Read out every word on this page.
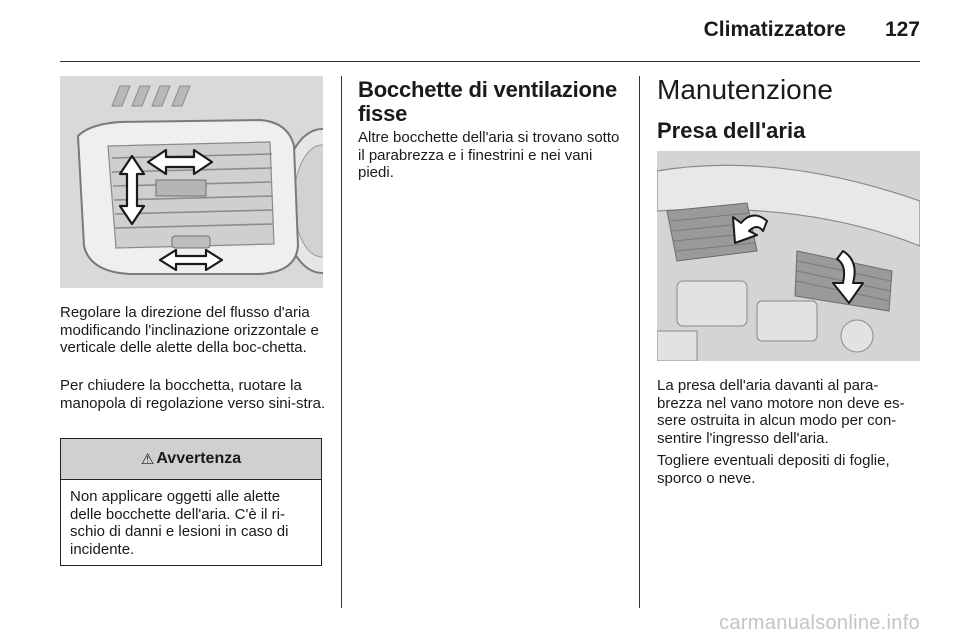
Climatizzatore	127

Regolare la direzione del flusso d'aria modificando l'inclinazione orizzontale e verticale delle alette della boc-chetta.

Per chiudere la bocchetta, ruotare la manopola di regolazione verso sini-stra.

⚠ Avvertenza
Non applicare oggetti alle alette delle bocchette dell'aria. C'è il ri-schio di danni e lesioni in caso di incidente.
Bocchette di ventilazione fisse

Altre bocchette dell'aria si trovano sotto il parabrezza e i finestrini e nei vani piedi.

Manutenzione
Presa dell'aria

La presa dell'aria davanti al para-brezza nel vano motore non deve es-sere ostruita in alcun modo per con-sentire l'ingresso dell'aria.

Togliere eventuali depositi di foglie, sporco o neve.

carmanualsonline.info
